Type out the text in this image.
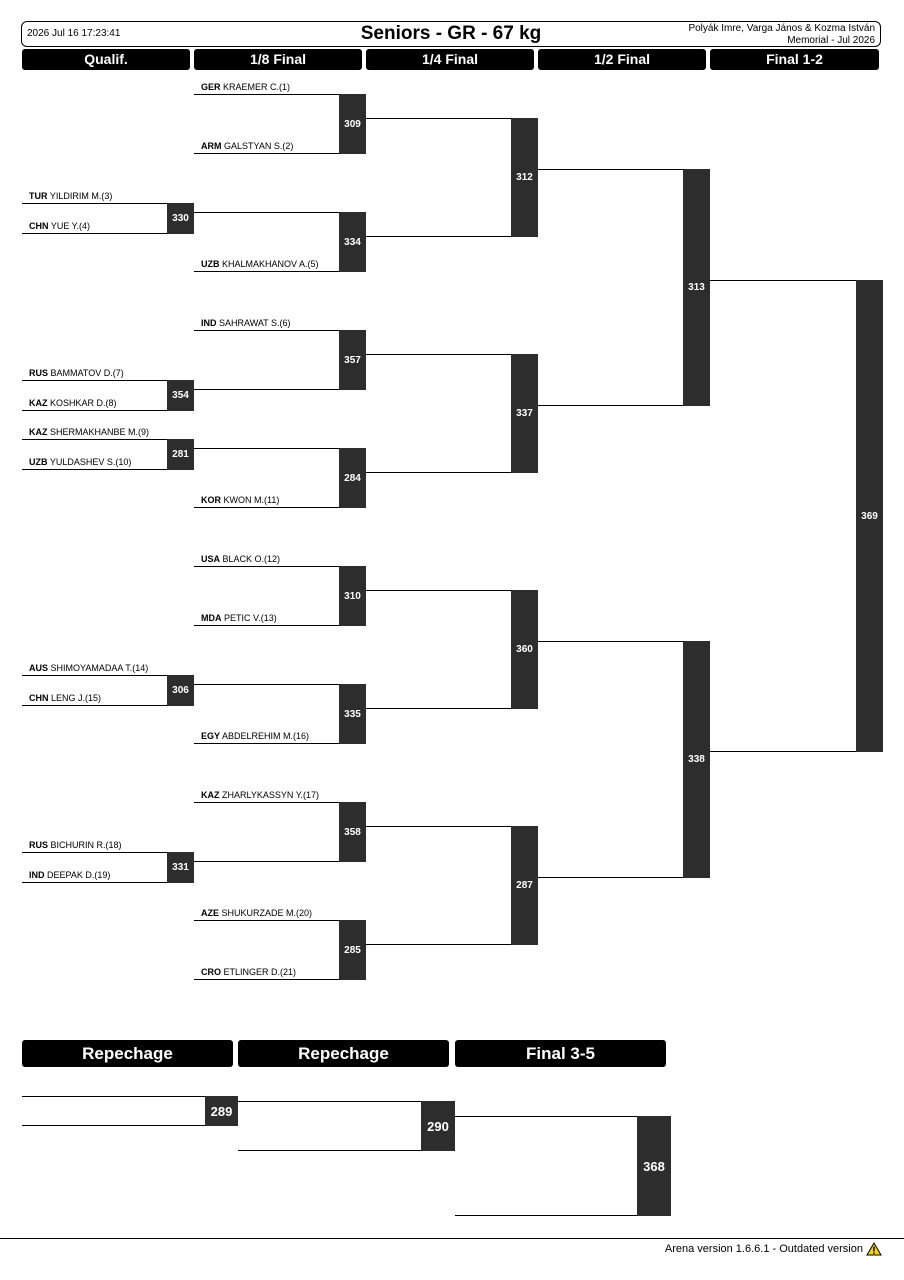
2026 Jul 16 17:23:41	Seniors - GR - 67 kg	Polyák Imre, Varga János & Kozma István
Memorial - Jul 2026
Qualif.	1/8 Final	1/4 Final	1/2 Final	Final 1-2
Repechage	Repechage	Final 3-5
309
GER KRAEMER C.(1)
ARM GALSTYAN S.(2)
330
TUR YILDIRIM M.(3)
CHN YUE Y.(4)
334
UZB KHALMAKHANOV A.(5)
354
RUS BAMMATOV D.(7)
KAZ KOSHKAR D.(8)
357
IND SAHRAWAT S.(6)
281
KAZ SHERMAKHANBE M.(9)
UZB YULDASHEV S.(10)
284
KOR KWON M.(11)
310
USA BLACK O.(12)
MDA PETIC V.(13)
306
AUS SHIMOYAMADAA T.(14)
CHN LENG J.(15)
335
EGY ABDELREHIM M.(16)
331
RUS BICHURIN R.(18)
IND DEEPAK D.(19)
358
KAZ ZHARLYKASSYN Y.(17)
285
AZE SHUKURZADE M.(20)
CRO ETLINGER D.(21)
312
337
360
287
313
338
369
289
290
368
Arena version 1.6.6.1 - Outdated version
